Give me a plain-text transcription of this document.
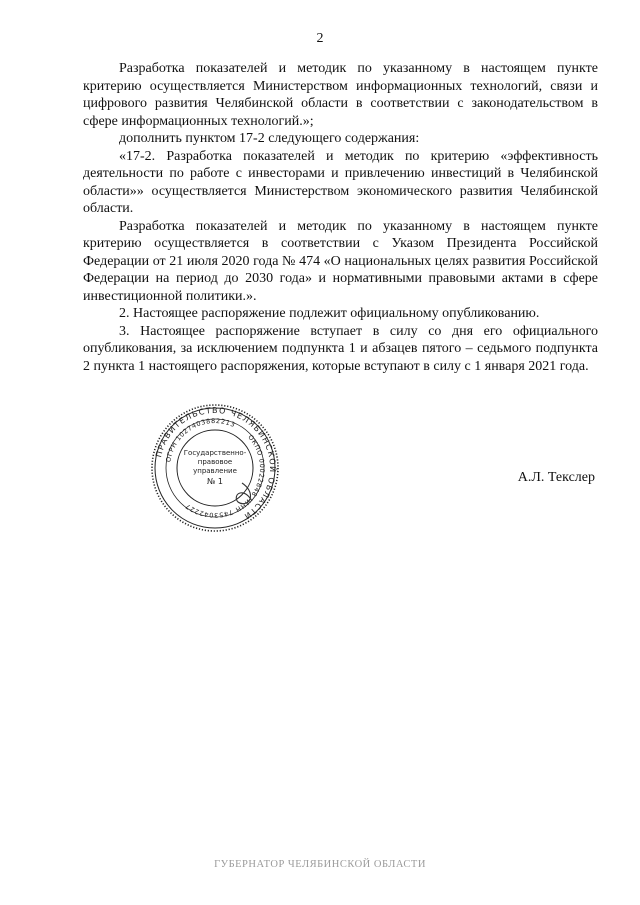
2

Разработка показателей и методик по указанному в настоящем пункте критерию осуществляется Министерством информационных технологий, связи и цифрового развития Челябинской области в соответствии с законодательством в сфере информационных технологий.»;

дополнить пунктом 17-2 следующего содержания:

«17-2. Разработка показателей и методик по критерию «эффективность деятельности по работе с инвесторами и привлечению инвестиций в Челябинской области»» осуществляется Министерством экономического развития Челябинской области.

Разработка показателей и методик по указанному в настоящем пункте критерию осуществляется в соответствии с Указом Президента Российской Федерации от 21 июля 2020 года № 474 «О национальных целях развития Российской Федерации на период до 2030 года» и нормативными правовыми актами в сфере инвестиционной политики.».

2. Настоящее распоряжение подлежит официальному опубликованию.

3. Настоящее распоряжение вступает в силу со дня его официального опубликования, за исключением подпункта 1 и абзацев пятого – седьмого подпункта 2 пункта 1 настоящего распоряжения, которые вступают в силу с 1 января 2021 года.

ПРАВИТЕЛЬСТВО ЧЕЛЯБИНСКОЙ ОБЛАСТИ
ОГРН 1027403882213
ОКПО 00022848
ИНН 7453042227
Государственно-
правовое
управление
№ 1	А.Л. Текслер
ГУБЕРНАТОР ЧЕЛЯБИНСКОЙ ОБЛАСТИ
